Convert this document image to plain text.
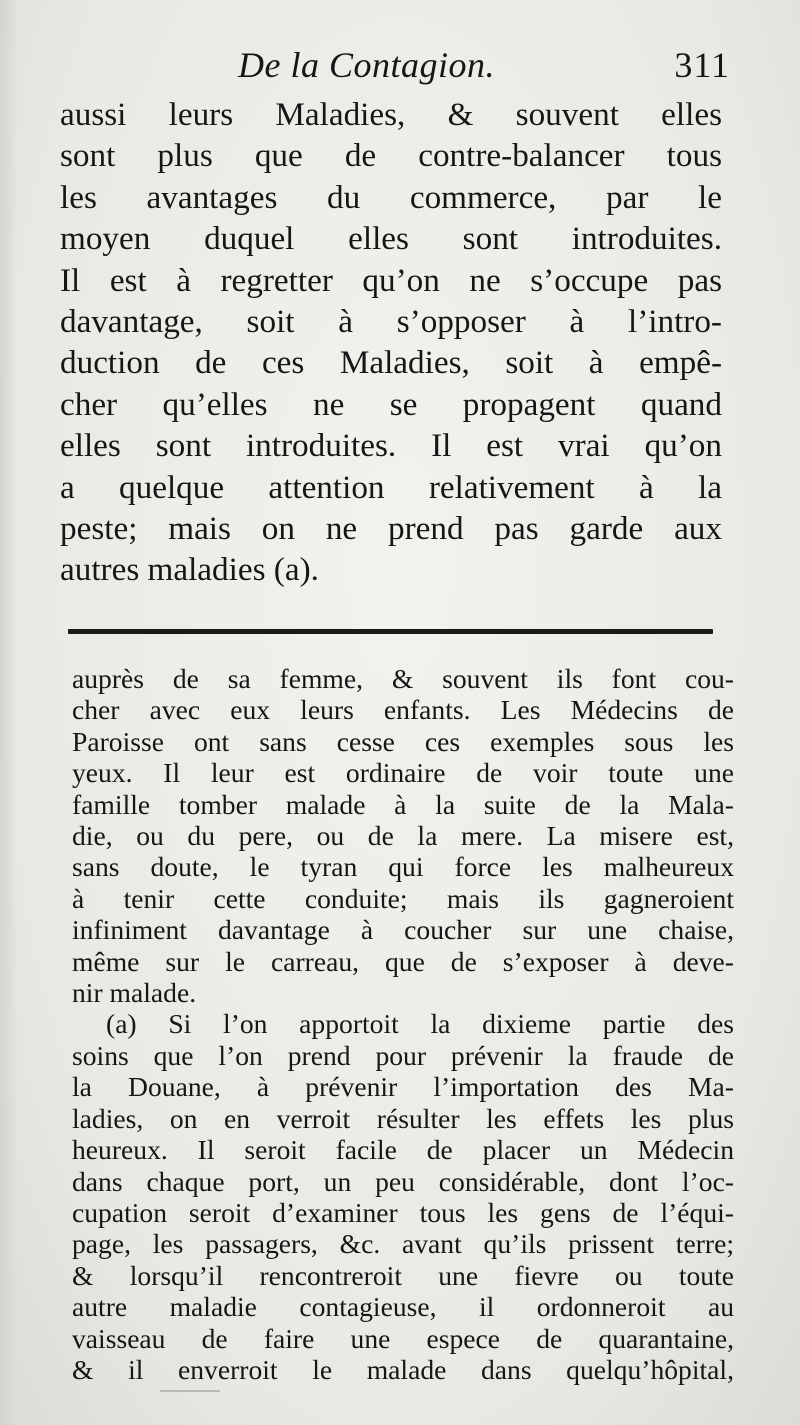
De la Contagion.	311
aussi leurs Maladies, & souvent elles
sont plus que de contre-balancer tous
les avantages du commerce, par le
moyen duquel elles sont introduites.
Il est à regretter qu’on ne s’occupe pas
davantage, soit à s’opposer à l’intro-
duction de ces Maladies, soit à empê-
cher qu’elles ne se propagent quand
elles sont introduites. Il est vrai qu’on
a quelque attention relativement à la
peste; mais on ne prend pas garde aux
autres maladies (a).
auprès de sa femme, & souvent ils font cou-
cher avec eux leurs enfants. Les Médecins de
Paroisse ont sans cesse ces exemples sous les
yeux. Il leur est ordinaire de voir toute une
famille tomber malade à la suite de la Mala-
die, ou du pere, ou de la mere. La misere est,
sans doute, le tyran qui force les malheureux
à tenir cette conduite; mais ils gagneroient
infiniment davantage à coucher sur une chaise,
même sur le carreau, que de s’exposer à deve-
nir malade.
(a) Si l’on apportoit la dixieme partie des
soins que l’on prend pour prévenir la fraude de
la Douane, à prévenir l’importation des Ma-
ladies, on en verroit résulter les effets les plus
heureux. Il seroit facile de placer un Médecin
dans chaque port, un peu considérable, dont l’oc-
cupation seroit d’examiner tous les gens de l’équi-
page, les passagers, &c. avant qu’ils prissent terre;
& lorsqu’il rencontreroit une fievre ou toute
autre maladie contagieuse, il ordonneroit au
vaisseau de faire une espece de quarantaine,
& il enverroit le malade dans quelqu’hôpital,
